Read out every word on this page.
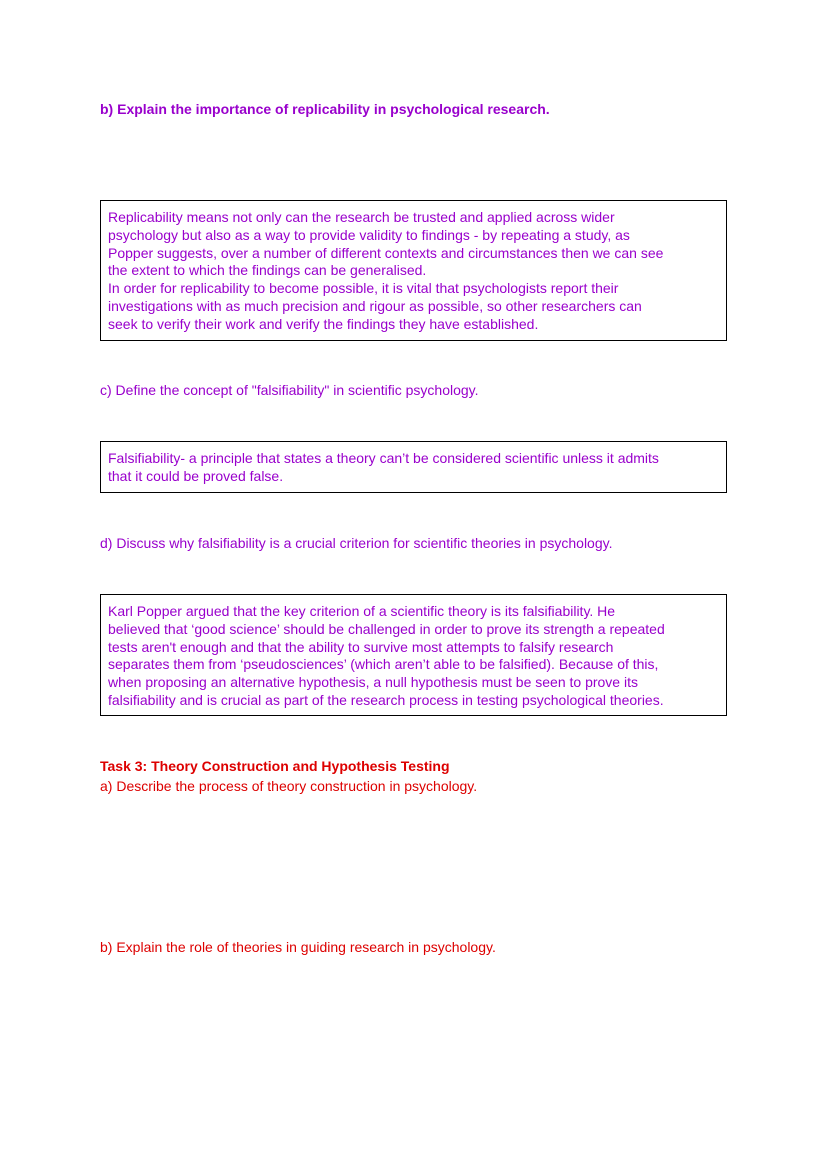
b) Explain the importance of replicability in psychological research.

Replicability means not only can the research be trusted and applied across wider

psychology but also as a way to provide validity to findings - by repeating a study, as

Popper suggests, over a number of different contexts and circumstances then we can see

the extent to which the findings can be generalised.

In order for replicability to become possible, it is vital that psychologists report their

investigations with as much precision and rigour as possible, so other researchers can

seek to verify their work and verify the findings they have established.

c) Define the concept of "falsifiability" in scientific psychology.

Falsifiability- a principle that states a theory can’t be considered scientific unless it admits

that it could be proved false.

d) Discuss why falsifiability is a crucial criterion for scientific theories in psychology.

Karl Popper argued that the key criterion of a scientific theory is its falsifiability. He

believed that ‘good science’ should be challenged in order to prove its strength a repeated

tests aren't enough and that the ability to survive most attempts to falsify research

separates them from ‘pseudosciences’ (which aren’t able to be falsified). Because of this,

when proposing an alternative hypothesis, a null hypothesis must be seen to prove its

falsifiability and is crucial as part of the research process in testing psychological theories.

Task 3: Theory Construction and Hypothesis Testing
a) Describe the process of theory construction in psychology.
b) Explain the role of theories in guiding research in psychology.
